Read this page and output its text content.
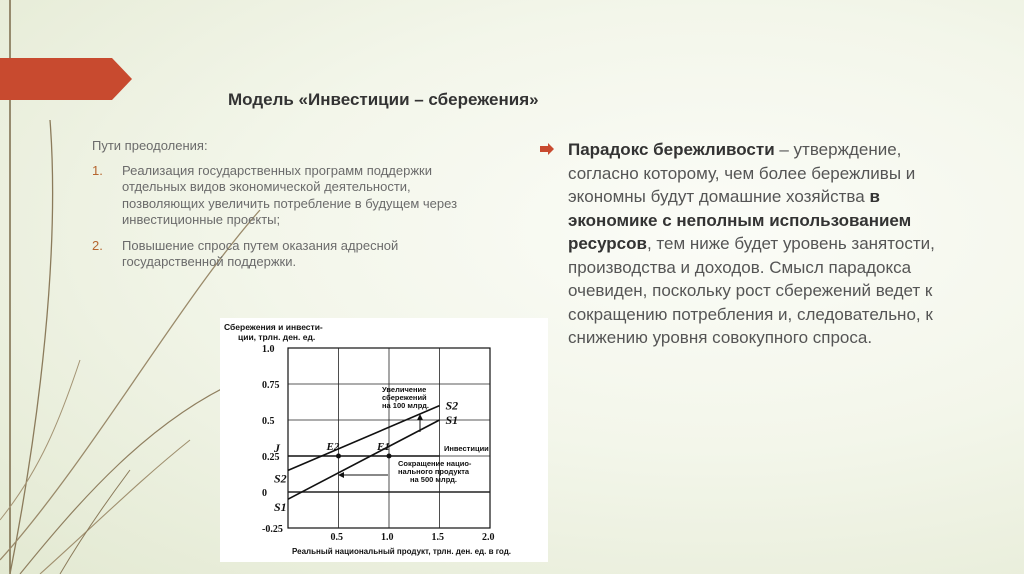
Модель «Инвестиции – сбережения»
Пути преодоления:
1. Реализация государственных программ поддержки отдельных видов экономической деятельности, позволяющих увеличить потребление в будущем через инвестиционные проекты;
2. Повышение спроса путем оказания адресной государственной поддержки.
Парадокс бережливости – утверждение, согласно которому, чем более бережливы и экономны будут домашние хозяйства в экономике с неполным использованием ресурсов, тем ниже будет уровень занятости, производства и доходов. Смысл парадокса очевиден, поскольку рост сбережений ведет к сокращению потребления и, следовательно, к снижению уровня совокупного спроса.
Сбережения и инвести-
ции, трлн. ден. ед.
S2
S2
S1
S1
J	E2	E1
1.0
0.75
0.5
0.25
0
-0.25
0.5	1.0	1.5	2.0
Увеличение
сбережений
на 100 млрд.
Инвестиции
Сокращение нацио-
нального продукта
на 500 млрд.
Реальный национальный продукт, трлн. ден. ед. в год.
